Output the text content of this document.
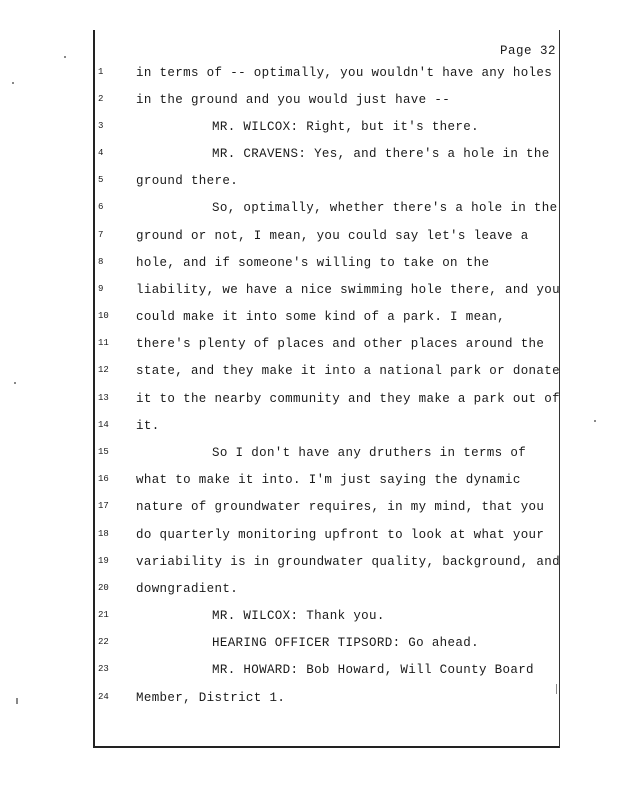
Page 32
1	in terms of -- optimally, you wouldn't have any holes
2	in the ground and you would just have --
3	MR. WILCOX: Right, but it's there.
4	MR. CRAVENS: Yes, and there's a hole in the
5	ground there.
6	So, optimally, whether there's a hole in the
7	ground or not, I mean, you could say let's leave a
8	hole, and if someone's willing to take on the
9	liability, we have a nice swimming hole there, and you
10	could make it into some kind of a park. I mean,
11	there's plenty of places and other places around the
12	state, and they make it into a national park or donate
13	it to the nearby community and they make a park out of
14	it.
15	So I don't have any druthers in terms of
16	what to make it into. I'm just saying the dynamic
17	nature of groundwater requires, in my mind, that you
18	do quarterly monitoring upfront to look at what your
19	variability is in groundwater quality, background, and
20	downgradient.
21	MR. WILCOX: Thank you.
22	HEARING OFFICER TIPSORD: Go ahead.
23	MR. HOWARD: Bob Howard, Will County Board
24	Member, District 1.
